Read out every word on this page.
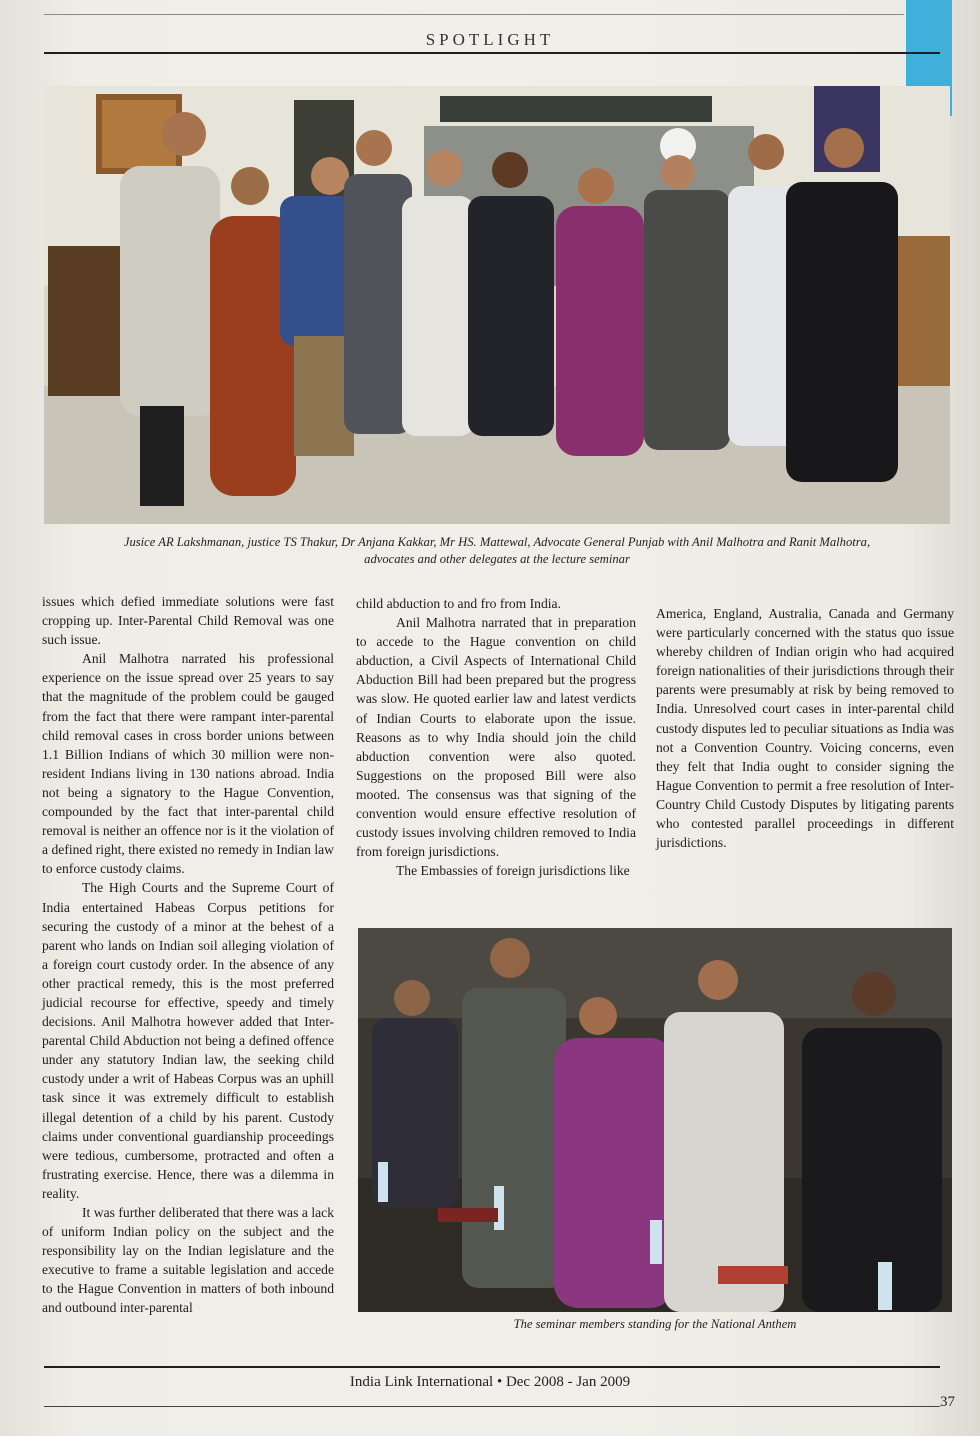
SPOTLIGHT
Jusice AR Lakshmanan, justice TS Thakur, Dr Anjana Kakkar, Mr HS. Mattewal, Advocate General Punjab with Anil Malhotra and Ranit Malhotra,
advocates and other delegates at the lecture seminar

issues which defied immediate solutions were fast cropping up. Inter-Parental Child Removal was one such issue.

Anil Malhotra narrated his professional experience on the issue spread over 25 years to say that the magnitude of the problem could be gauged from the fact that there were rampant inter-parental child removal cases in cross border unions between 1.1 Billion Indians of which 30 million were non-resident Indians living in 130 nations abroad. India not being a signatory to the Hague Convention, compounded by the fact that inter-parental child removal is neither an offence nor is it the violation of a defined right, there existed no remedy in Indian law to enforce custody claims.

The High Courts and the Supreme Court of India entertained Habeas Corpus petitions for securing the custody of a minor at the behest of a parent who lands on Indian soil alleging violation of a foreign court custody order. In the absence of any other practical remedy, this is the most preferred judicial recourse for effective, speedy and timely decisions. Anil Malhotra however added that Inter-parental Child Abduction not being a defined offence under any statutory Indian law, the seeking child custody under a writ of Habeas Corpus was an uphill task since it was extremely difficult to establish illegal detention of a child by his parent. Custody claims under conventional guardianship proceedings were tedious, cumbersome, protracted and often a frustrating exercise. Hence, there was a dilemma in reality.

It was further deliberated that there was a lack of uniform Indian policy on the subject and the responsibility lay on the Indian legislature and the executive to frame a suitable legislation and accede to the Hague Convention in matters of both inbound and outbound inter-parental

child abduction to and fro from India.

Anil Malhotra narrated that in preparation to accede to the Hague convention on child abduction, a Civil Aspects of International Child Abduction Bill had been prepared but the progress was slow. He quoted earlier law and latest verdicts of Indian Courts to elaborate upon the issue. Reasons as to why India should join the child abduction convention were also quoted. Suggestions on the proposed Bill were also mooted. The consensus was that signing of the convention would ensure effective resolution of custody issues involving children removed to India from foreign jurisdictions.

The Embassies of foreign jurisdictions like

America, England, Australia, Canada and Germany were particularly concerned with the status quo issue whereby children of Indian origin who had acquired foreign nationalities of their jurisdictions through their parents were presumably at risk by being removed to India. Unresolved court cases in inter-parental child custody disputes led to peculiar situations as India was not a Convention Country. Voicing concerns, even they felt that India ought to consider signing the Hague Convention to permit a free resolution of Inter-Country Child Custody Disputes by litigating parents who contested parallel proceedings in different jurisdictions.

The seminar members standing for the National Anthem
India Link International • Dec 2008 - Jan 2009
37
